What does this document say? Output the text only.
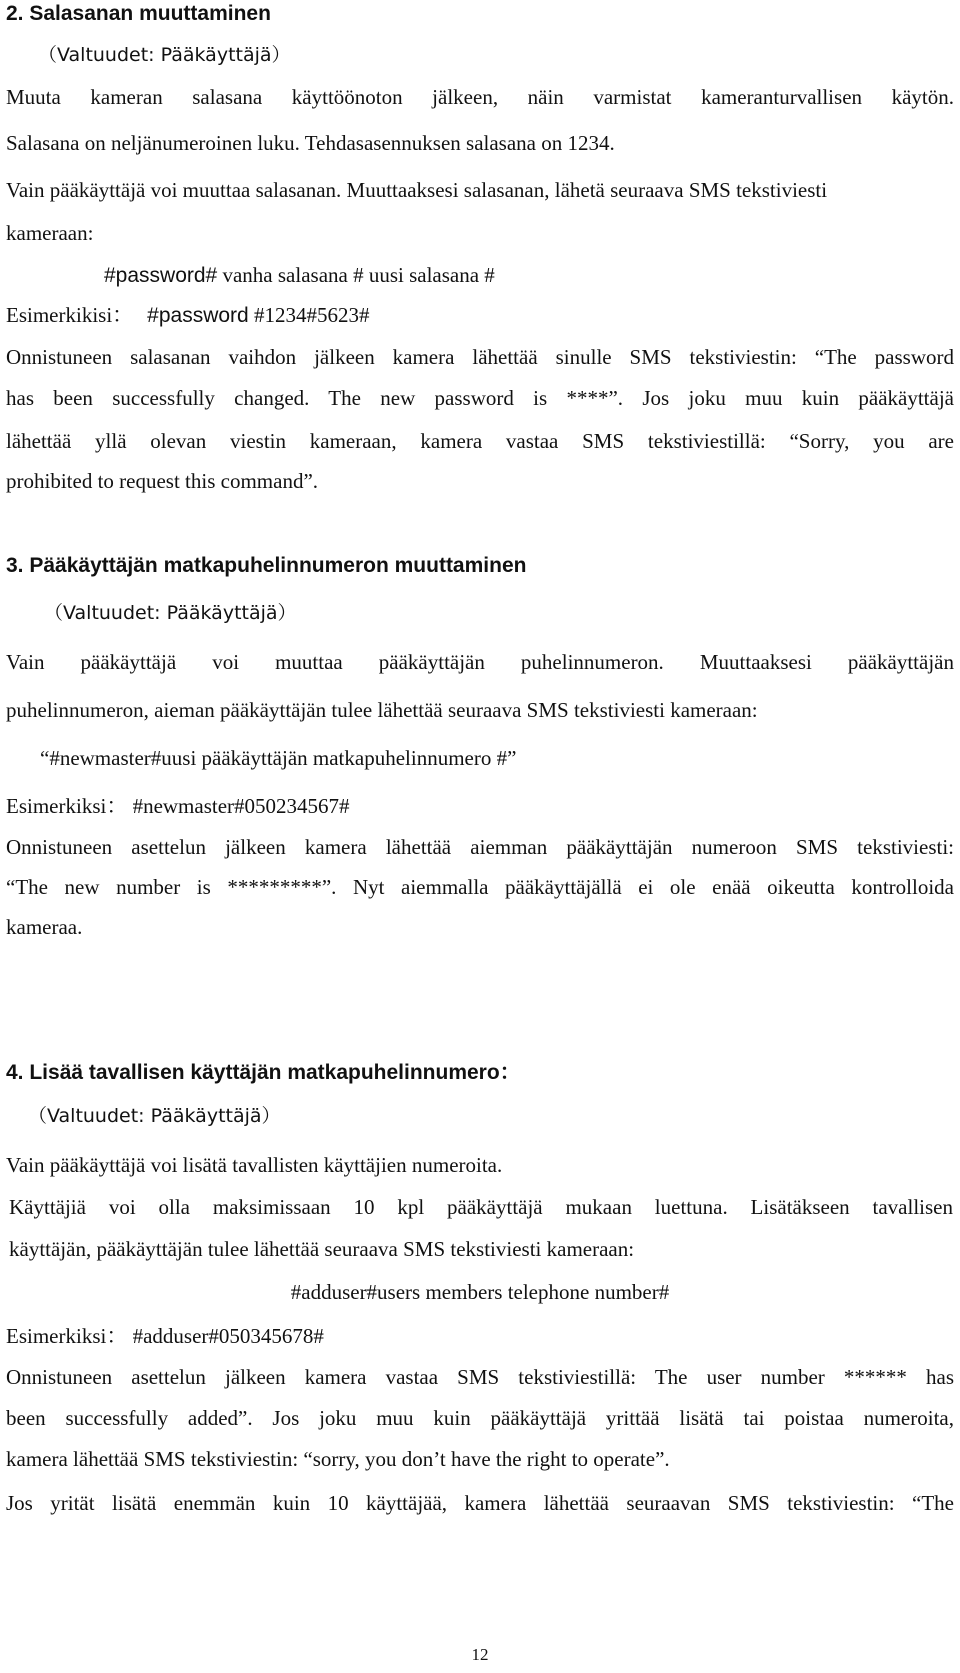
2. Salasanan muuttaminen
（Valtuudet: Pääkäyttäjä）
Muuta kameran salasana käyttöönoton jälkeen, näin varmistat kameranturvallisen käytön.
Salasana on neljänumeroinen luku. Tehdasasennuksen salasana on 1234.
Vain pääkäyttäjä voi muuttaa salasanan. Muuttaaksesi salasanan, lähetä seuraava SMS tekstiviesti
kameraan:
#password# vanha salasana # uusi salasana #
Esimerkikisi： #password #1234#5623#
Onnistuneen salasanan vaihdon jälkeen kamera lähettää sinulle SMS tekstiviestin: “The password
has been successfully changed. The new password is ****”. Jos joku muu kuin pääkäyttäjä
lähettää yllä olevan viestin kameraan, kamera vastaa SMS tekstiviestillä: “Sorry, you are
prohibited to request this command”.
3. Pääkäyttäjän matkapuhelinnumeron muuttaminen
（Valtuudet: Pääkäyttäjä）
Vain pääkäyttäjä voi muuttaa pääkäyttäjän puhelinnumeron. Muuttaaksesi pääkäyttäjän
puhelinnumeron, aieman pääkäyttäjän tulee lähettää seuraava SMS tekstiviesti kameraan:
“#newmaster#uusi pääkäyttäjän matkapuhelinnumero #”
Esimerkiksi： #newmaster#050234567#
Onnistuneen asettelun jälkeen kamera lähettää aiemman pääkäyttäjän numeroon SMS tekstiviesti:
“The new number is *********”. Nyt aiemmalla pääkäyttäjällä ei ole enää oikeutta kontrolloida
kameraa.
4. Lisää tavallisen käyttäjän matkapuhelinnumero：
（Valtuudet: Pääkäyttäjä）
Vain pääkäyttäjä voi lisätä tavallisten käyttäjien numeroita.
Käyttäjiä voi olla maksimissaan 10 kpl pääkäyttäjä mukaan luettuna. Lisätäkseen tavallisen
käyttäjän, pääkäyttäjän tulee lähettää seuraava SMS tekstiviesti kameraan:
#adduser#users members telephone number#
Esimerkiksi： #adduser#050345678#
Onnistuneen asettelun jälkeen kamera vastaa SMS tekstiviestillä: The user number ****** has
been successfully added”. Jos joku muu kuin pääkäyttäjä yrittää lisätä tai poistaa numeroita,
kamera lähettää SMS tekstiviestin: “sorry, you don’t have the right to operate”.
Jos yrität lisätä enemmän kuin 10 käyttäjää, kamera lähettää seuraavan SMS tekstiviestin: “The
12
